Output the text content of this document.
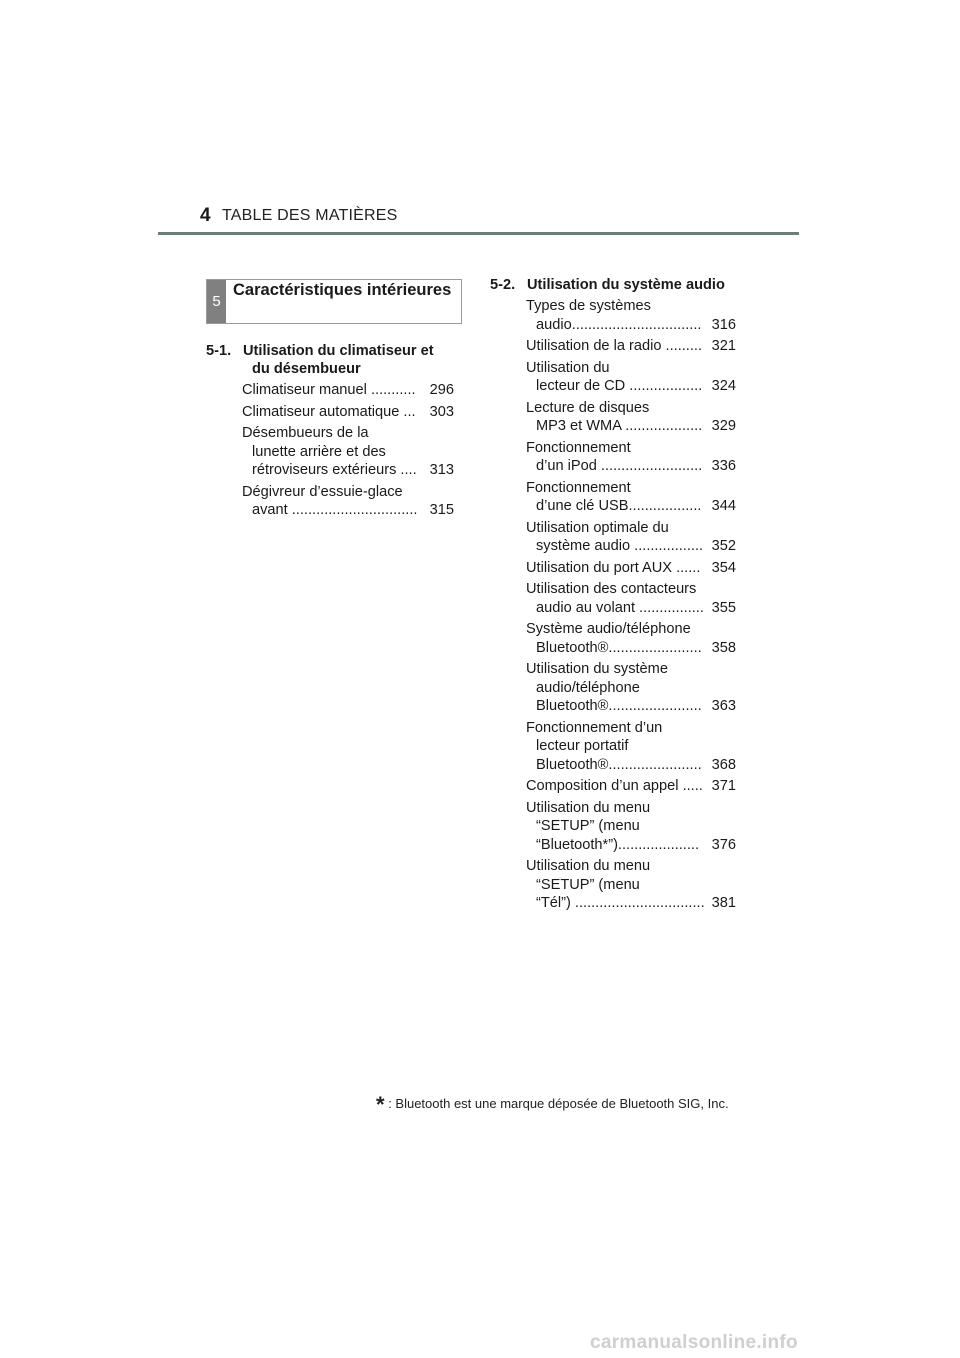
4 TABLE DES MATIÈRES
5
Caractéristiques intérieures
5-1. Utilisation du climatiseur et du désembueur
Climatiseur manuel ........... 296
Climatiseur automatique ... 303
Désembueurs de la
lunette arrière et des
rétroviseurs extérieurs .... 313
Dégivreur d’essuie-glace
avant ............................... 315
5-2. Utilisation du système audio
Types de systèmes
audio................................ 316
Utilisation de la radio ......... 321
Utilisation du
lecteur de CD .................. 324
Lecture de disques
MP3 et WMA ................... 329
Fonctionnement
d’un iPod ......................... 336
Fonctionnement
d’une clé USB.................. 344
Utilisation optimale du
système audio ................. 352
Utilisation du port AUX ...... 354
Utilisation des contacteurs
audio au volant ................ 355
Système audio/téléphone
Bluetooth®....................... 358
Utilisation du système
audio/téléphone
Bluetooth®....................... 363
Fonctionnement d’un
lecteur portatif
Bluetooth®....................... 368
Composition d’un appel ..... 371
Utilisation du menu
“SETUP” (menu
“Bluetooth*”).................... 376
Utilisation du menu
“SETUP” (menu
“Tél”) ................................ 381
* : Bluetooth est une marque déposée de Bluetooth SIG, Inc.
carmanualsonline.info
